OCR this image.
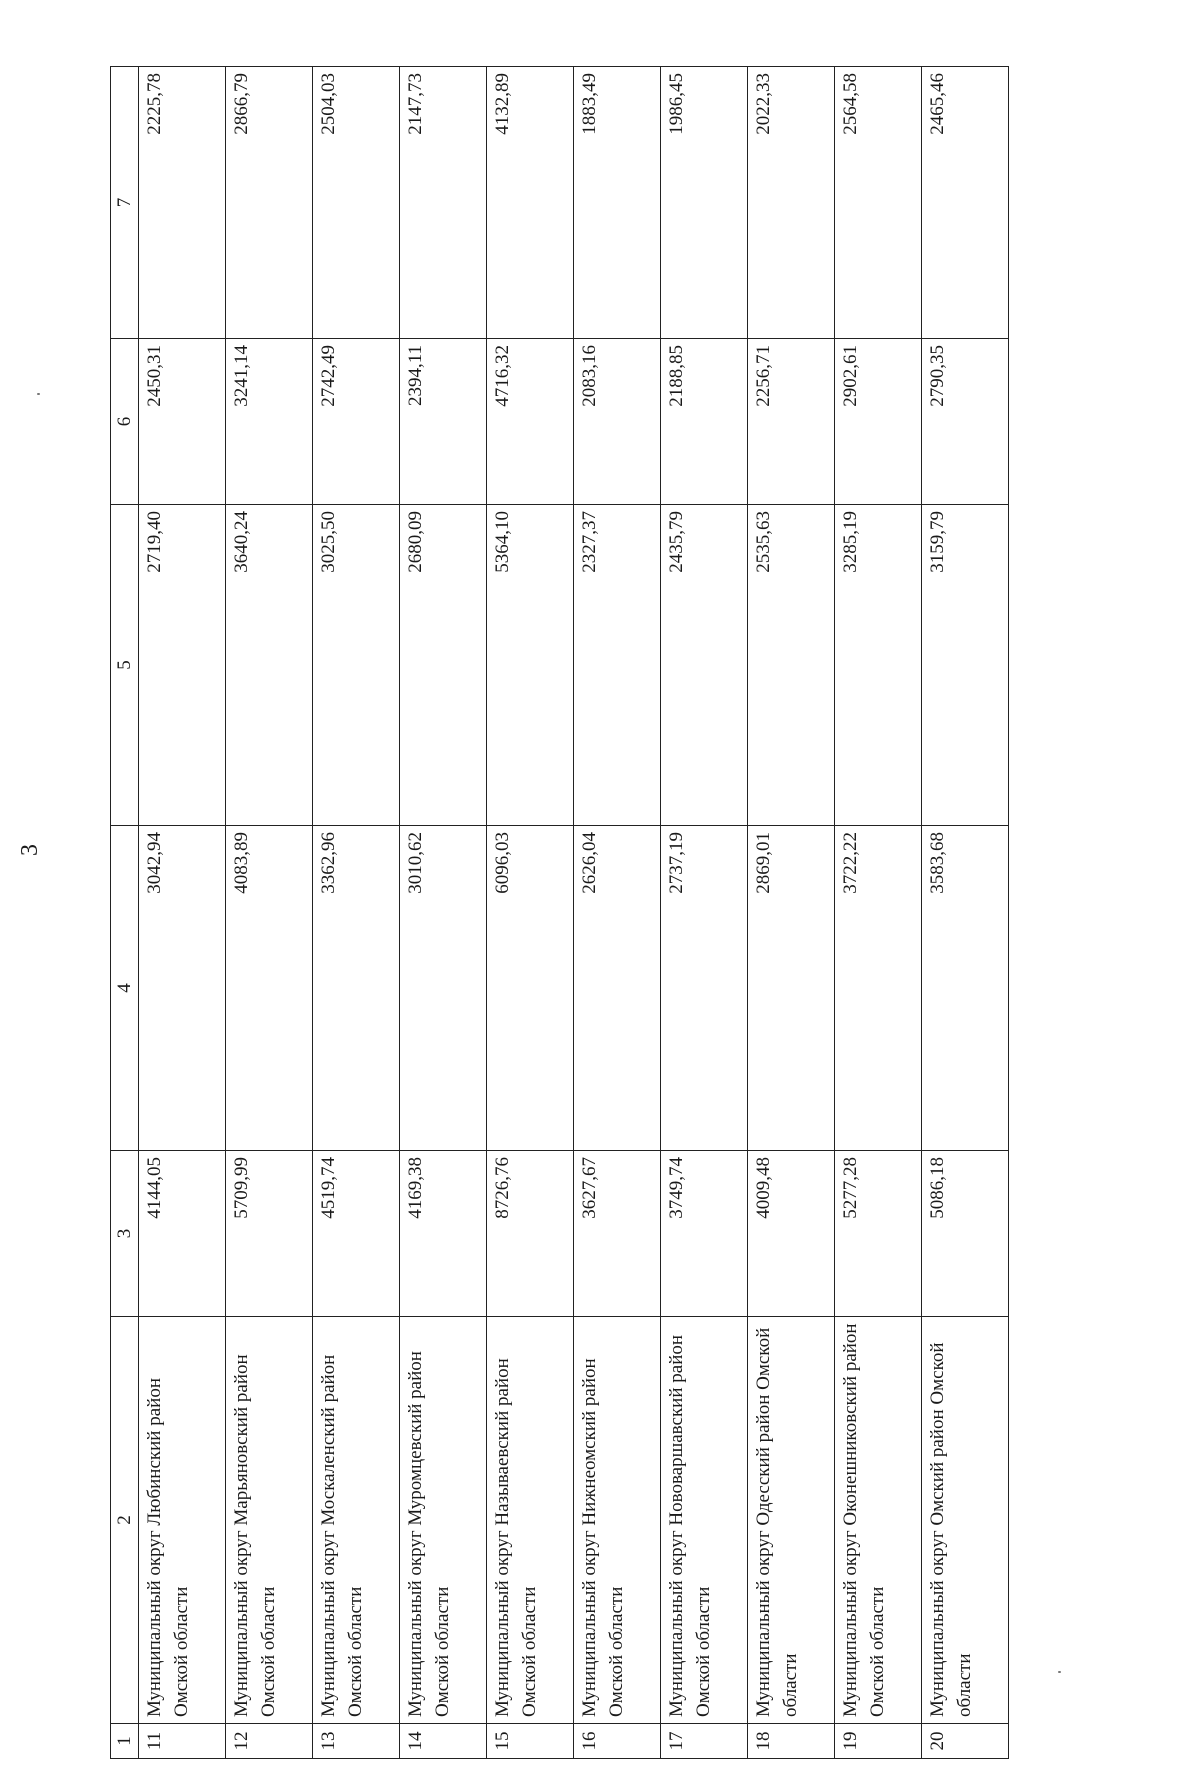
3
1	2	3	4	5	6	7
11	Муниципальный округ Любинский район Омской области	4144,05	3042,94	2719,40	2450,31	2225,78
12	Муниципальный округ Марьяновский район Омской области	5709,99	4083,89	3640,24	3241,14	2866,79
13	Муниципальный округ Москаленский район Омской области	4519,74	3362,96	3025,50	2742,49	2504,03
14	Муниципальный округ Муромцевский район Омской области	4169,38	3010,62	2680,09	2394,11	2147,73
15	Муниципальный округ Называевский район Омской области	8726,76	6096,03	5364,10	4716,32	4132,89
16	Муниципальный округ Нижнеомский район Омской области	3627,67	2626,04	2327,37	2083,16	1883,49
17	Муниципальный округ Нововаршавский район Омской области	3749,74	2737,19	2435,79	2188,85	1986,45
18	Муниципальный округ Одесский район Омской области	4009,48	2869,01	2535,63	2256,71	2022,33
19	Муниципальный округ Оконешниковский район Омской области	5277,28	3722,22	3285,19	2902,61	2564,58
20	Муниципальный округ Омский район Омской области	5086,18	3583,68	3159,79	2790,35	2465,46
